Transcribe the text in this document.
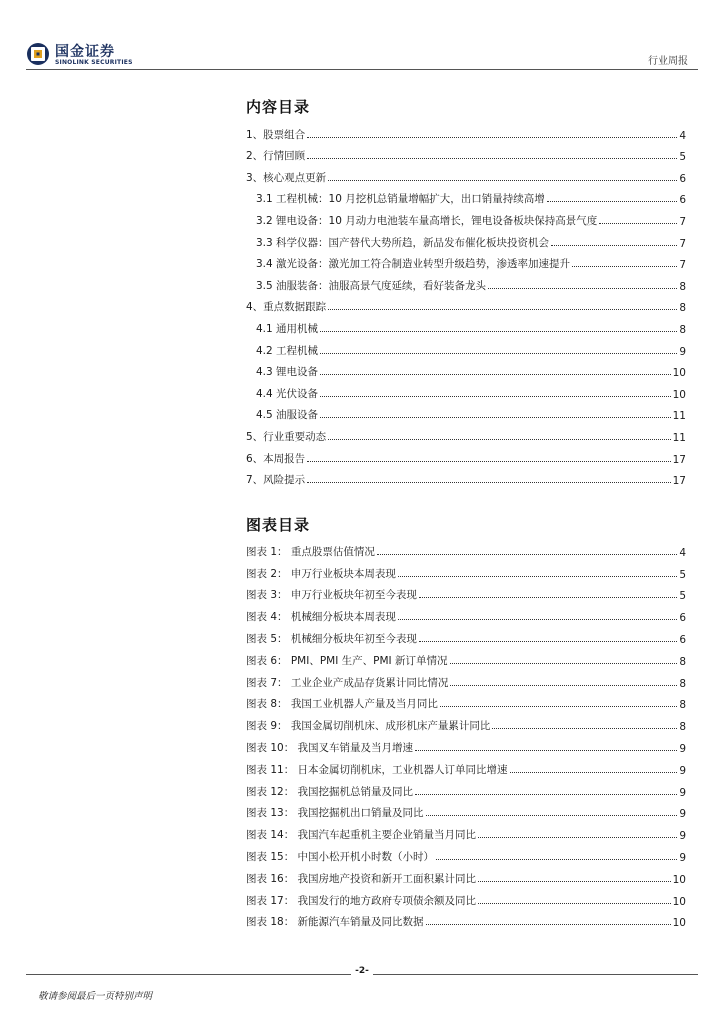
国金证券
SINOLINK SECURITIES	行业周报
内容目录
1、股票组合	4
2、行情回顾	5
3、核心观点更新	6
3.1 工程机械：10 月挖机总销量增幅扩大，出口销量持续高增	6
3.2 锂电设备：10 月动力电池装车量高增长，锂电设备板块保持高景气度	7
3.3 科学仪器：国产替代大势所趋，新品发布催化板块投资机会	7
3.4 激光设备：激光加工符合制造业转型升级趋势，渗透率加速提升	7
3.5 油服装备：油服高景气度延续，看好装备龙头	8
4、重点数据跟踪	8
4.1 通用机械	8
4.2 工程机械	9
4.3 锂电设备	10
4.4 光伏设备	10
4.5 油服设备	11
5、行业重要动态	11
6、本周报告	17
7、风险提示	17
图表目录
图表 1： 重点股票估值情况	4
图表 2： 申万行业板块本周表现	5
图表 3： 申万行业板块年初至今表现	5
图表 4： 机械细分板块本周表现	6
图表 5： 机械细分板块年初至今表现	6
图表 6： PMI、PMI 生产、PMI 新订单情况	8
图表 7： 工业企业产成品存货累计同比情况	8
图表 8： 我国工业机器人产量及当月同比	8
图表 9： 我国金属切削机床、成形机床产量累计同比	8
图表 10： 我国叉车销量及当月增速	9
图表 11： 日本金属切削机床，工业机器人订单同比增速	9
图表 12： 我国挖掘机总销量及同比	9
图表 13： 我国挖掘机出口销量及同比	9
图表 14： 我国汽车起重机主要企业销量当月同比	9
图表 15： 中国小松开机小时数（小时）	9
图表 16： 我国房地产投资和新开工面积累计同比	10
图表 17： 我国发行的地方政府专项债余额及同比	10
图表 18： 新能源汽车销量及同比数据	10
-2-
敬请参阅最后一页特别声明
